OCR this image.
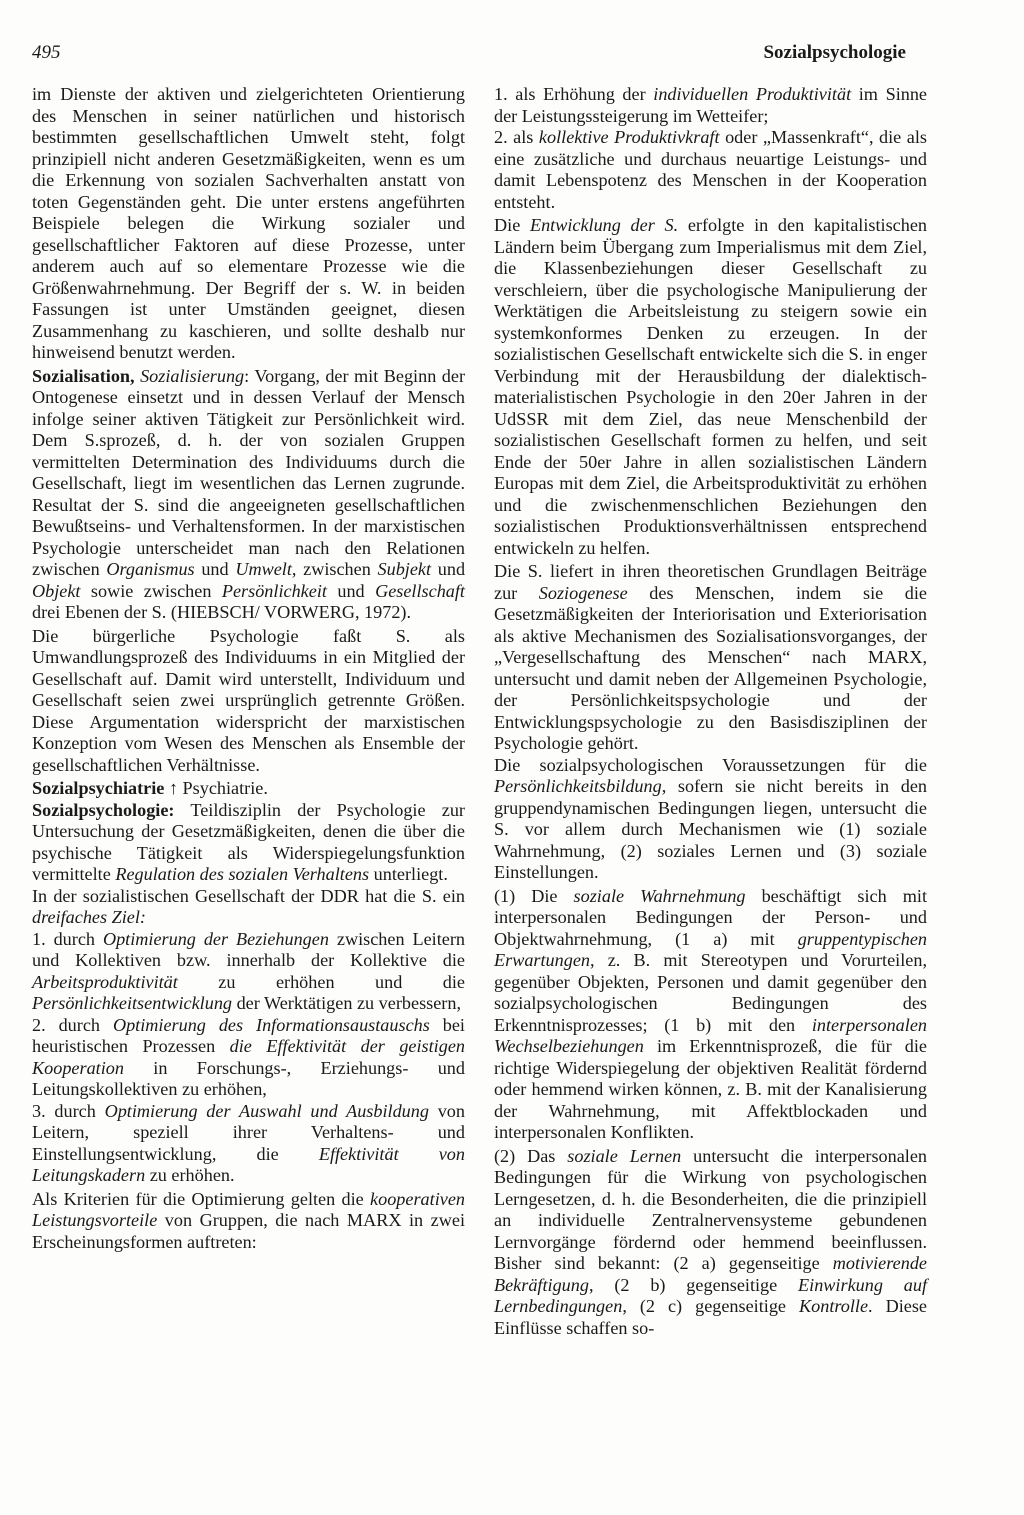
495	Sozialpsychologie

im Dienste der aktiven und zielgerichteten Orientierung des Menschen in seiner natürlichen und historisch bestimmten gesellschaftlichen Umwelt steht, folgt prinzipiell nicht anderen Gesetzmäßigkeiten, wenn es um die Erkennung von sozialen Sachverhalten anstatt von toten Gegenständen geht. Die unter erstens angeführten Beispiele belegen die Wirkung sozialer und gesellschaftlicher Faktoren auf diese Prozesse, unter anderem auch auf so elementare Prozesse wie die Größenwahrnehmung. Der Begriff der s. W. in beiden Fassungen ist unter Umständen geeignet, diesen Zusammenhang zu kaschieren, und sollte deshalb nur hinweisend benutzt werden.

Sozialisation, Sozialisierung: Vorgang, der mit Beginn der Ontogenese einsetzt und in dessen Verlauf der Mensch infolge seiner aktiven Tätigkeit zur Persönlichkeit wird. Dem S.sprozeß, d. h. der von sozialen Gruppen vermittelten Determination des Individuums durch die Gesellschaft, liegt im wesentlichen das Lernen zugrunde. Resultat der S. sind die angeeigneten gesellschaftlichen Bewußtseins- und Verhaltensformen. In der marxistischen Psychologie unterscheidet man nach den Relationen zwischen Organismus und Umwelt, zwischen Subjekt und Objekt sowie zwischen Persönlichkeit und Gesellschaft drei Ebenen der S. (HIEBSCH/ VORWERG, 1972).

Die bürgerliche Psychologie faßt S. als Umwandlungsprozeß des Individuums in ein Mitglied der Gesellschaft auf. Damit wird unterstellt, Individuum und Gesellschaft seien zwei ursprünglich getrennte Größen. Diese Argumentation widerspricht der marxistischen Konzeption vom Wesen des Menschen als Ensemble der gesellschaftlichen Verhältnisse.

Sozialpsychiatrie ↑ Psychiatrie.

Sozialpsychologie: Teildisziplin der Psychologie zur Untersuchung der Gesetzmäßigkeiten, denen die über die psychische Tätigkeit als Widerspiegelungsfunktion vermittelte Regulation des sozialen Verhaltens unterliegt.

In der sozialistischen Gesellschaft der DDR hat die S. ein dreifaches Ziel:

1. durch Optimierung der Beziehungen zwischen Leitern und Kollektiven bzw. innerhalb der Kollektive die Arbeitsproduktivität zu erhöhen und die Persönlichkeitsentwicklung der Werktätigen zu verbessern,

2. durch Optimierung des Informationsaustauschs bei heuristischen Prozessen die Effektivität der geistigen Kooperation in Forschungs-, Erziehungs- und Leitungskollektiven zu erhöhen,

3. durch Optimierung der Auswahl und Ausbildung von Leitern, speziell ihrer Verhaltens- und Einstellungsentwicklung, die Effektivität von Leitungskadern zu erhöhen.

Als Kriterien für die Optimierung gelten die kooperativen Leistungsvorteile von Gruppen, die nach MARX in zwei Erscheinungsformen auftreten:

1. als Erhöhung der individuellen Produktivität im Sinne der Leistungssteigerung im Wetteifer;

2. als kollektive Produktivkraft oder „Massenkraft“, die als eine zusätzliche und durchaus neuartige Leistungs- und damit Lebenspotenz des Menschen in der Kooperation entsteht.

Die Entwicklung der S. erfolgte in den kapitalistischen Ländern beim Übergang zum Imperialismus mit dem Ziel, die Klassenbeziehungen dieser Gesellschaft zu verschleiern, über die psychologische Manipulierung der Werktätigen die Arbeitsleistung zu steigern sowie ein systemkonformes Denken zu erzeugen. In der sozialistischen Gesellschaft entwickelte sich die S. in enger Verbindung mit der Herausbildung der dialektisch-materialistischen Psychologie in den 20er Jahren in der UdSSR mit dem Ziel, das neue Menschenbild der sozialistischen Gesellschaft formen zu helfen, und seit Ende der 50er Jahre in allen sozialistischen Ländern Europas mit dem Ziel, die Arbeitsproduktivität zu erhöhen und die zwischenmenschlichen Beziehungen den sozialistischen Produktionsverhältnissen entsprechend entwickeln zu helfen.

Die S. liefert in ihren theoretischen Grundlagen Beiträge zur Soziogenese des Menschen, indem sie die Gesetzmäßigkeiten der Interiorisation und Exteriorisation als aktive Mechanismen des Sozialisationsvorganges, der „Vergesellschaftung des Menschen“ nach MARX, untersucht und damit neben der Allgemeinen Psychologie, der Persönlichkeitspsychologie und der Entwicklungspsychologie zu den Basisdisziplinen der Psychologie gehört.

Die sozialpsychologischen Voraussetzungen für die Persönlichkeitsbildung, sofern sie nicht bereits in den gruppendynamischen Bedingungen liegen, untersucht die S. vor allem durch Mechanismen wie (1) soziale Wahrnehmung, (2) soziales Lernen und (3) soziale Einstellungen.

(1) Die soziale Wahrnehmung beschäftigt sich mit interpersonalen Bedingungen der Person- und Objektwahrnehmung, (1 a) mit gruppentypischen Erwartungen, z. B. mit Stereotypen und Vorurteilen, gegenüber Objekten, Personen und damit gegenüber den sozialpsychologischen Bedingungen des Erkenntnisprozesses; (1 b) mit den interpersonalen Wechselbeziehungen im Erkenntnisprozeß, die für die richtige Widerspiegelung der objektiven Realität fördernd oder hemmend wirken können, z. B. mit der Kanalisierung der Wahrnehmung, mit Affektblockaden und interpersonalen Konflikten.

(2) Das soziale Lernen untersucht die interpersonalen Bedingungen für die Wirkung von psychologischen Lerngesetzen, d. h. die Besonderheiten, die die prinzipiell an individuelle Zentralnervensysteme gebundenen Lernvorgänge fördernd oder hemmend beeinflussen. Bisher sind bekannt: (2 a) gegenseitige motivierende Bekräftigung, (2 b) gegenseitige Einwirkung auf Lernbedingungen, (2 c) gegenseitige Kontrolle. Diese Einflüsse schaffen so-
